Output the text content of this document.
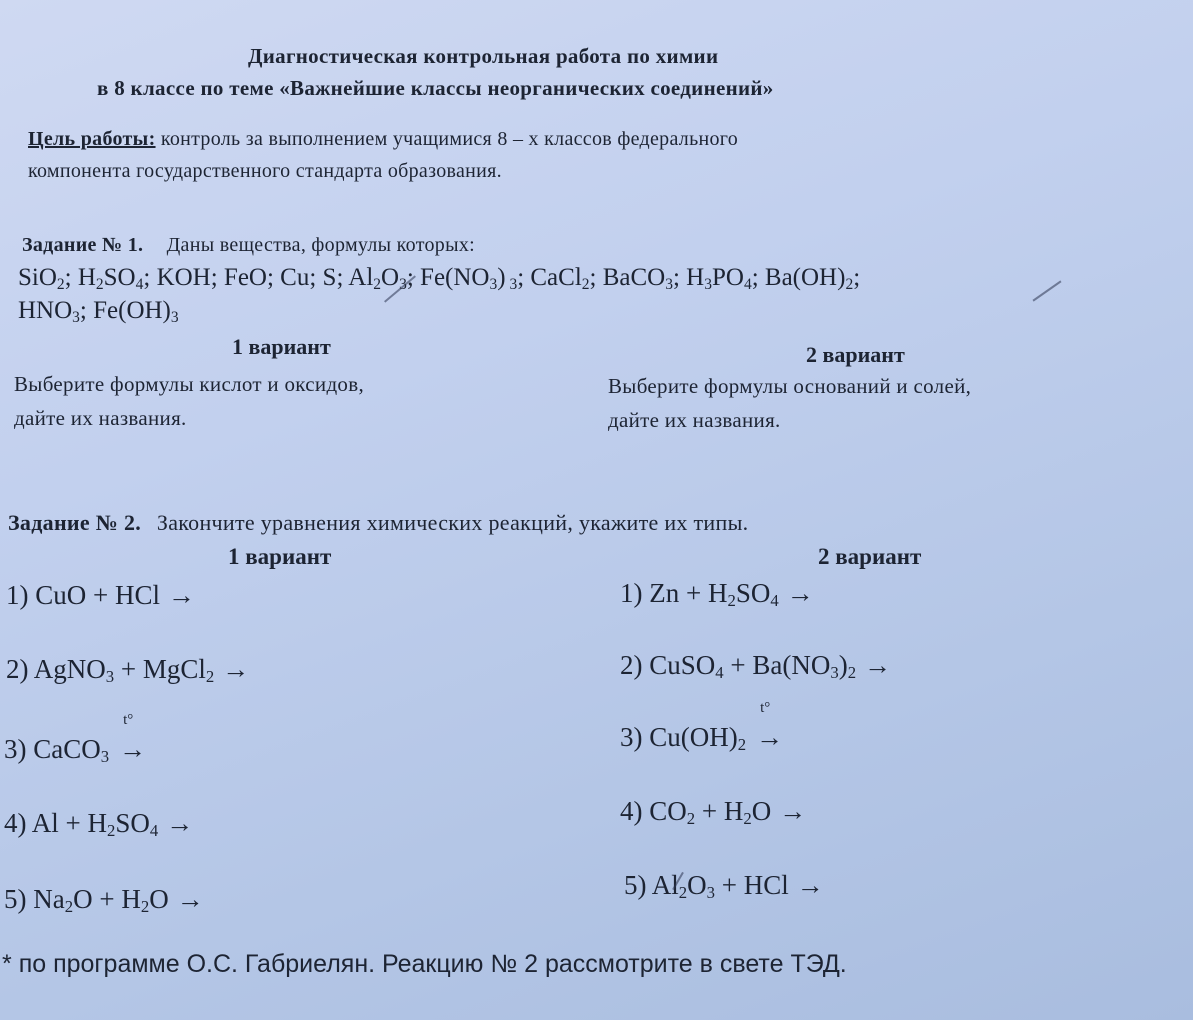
Диагностическая контрольная работа по химии
в 8 классе по теме «Важнейшие классы неорганических соединений»
Цель работы: контроль за выполнением учащимися 8 – х классов федерального
компонента государственного стандарта образования.
Задание № 1. Даны вещества, формулы которых:
SiO$_2$; $H_2SO_4$; KOH; FeO; Cu; S; $Al_2O_3$; $Fe(NO_3)$ $_3$; CaCl$_2$; BaCO$_3$; $H_3PO_4$; $Ba(OH)_2$;
$HNO_3$; $Fe(OH)_3$
1 вариант	2 вариант
Выберите формулы кислот и оксидов,
дайте их названия.
Выберите формулы оснований и солей,
дайте их названия.
Задание № 2. Закончите уравнения химических реакций, укажите их типы.
1 вариант	2 вариант
1) CuO + HCl →
2) AgNO$_3$ + MgCl$_2$ →
3) CaCO$_3$
t°
→
4) $Al + H_2SO_4$ →
5) $Na_2O + H_2O$ →
1) $Zn + H_2SO_4$ →
2) CuSO$_4$ + $Ba(NO_3)_2$ →
3) $Cu(OH)_2$
t°
→
4) $CO_2 + H_2O$ →
5) $Al_2O_3$ + HCl →
* по программе О.С. Габриелян. Реакцию № 2 рассмотрите в свете ТЭД.
